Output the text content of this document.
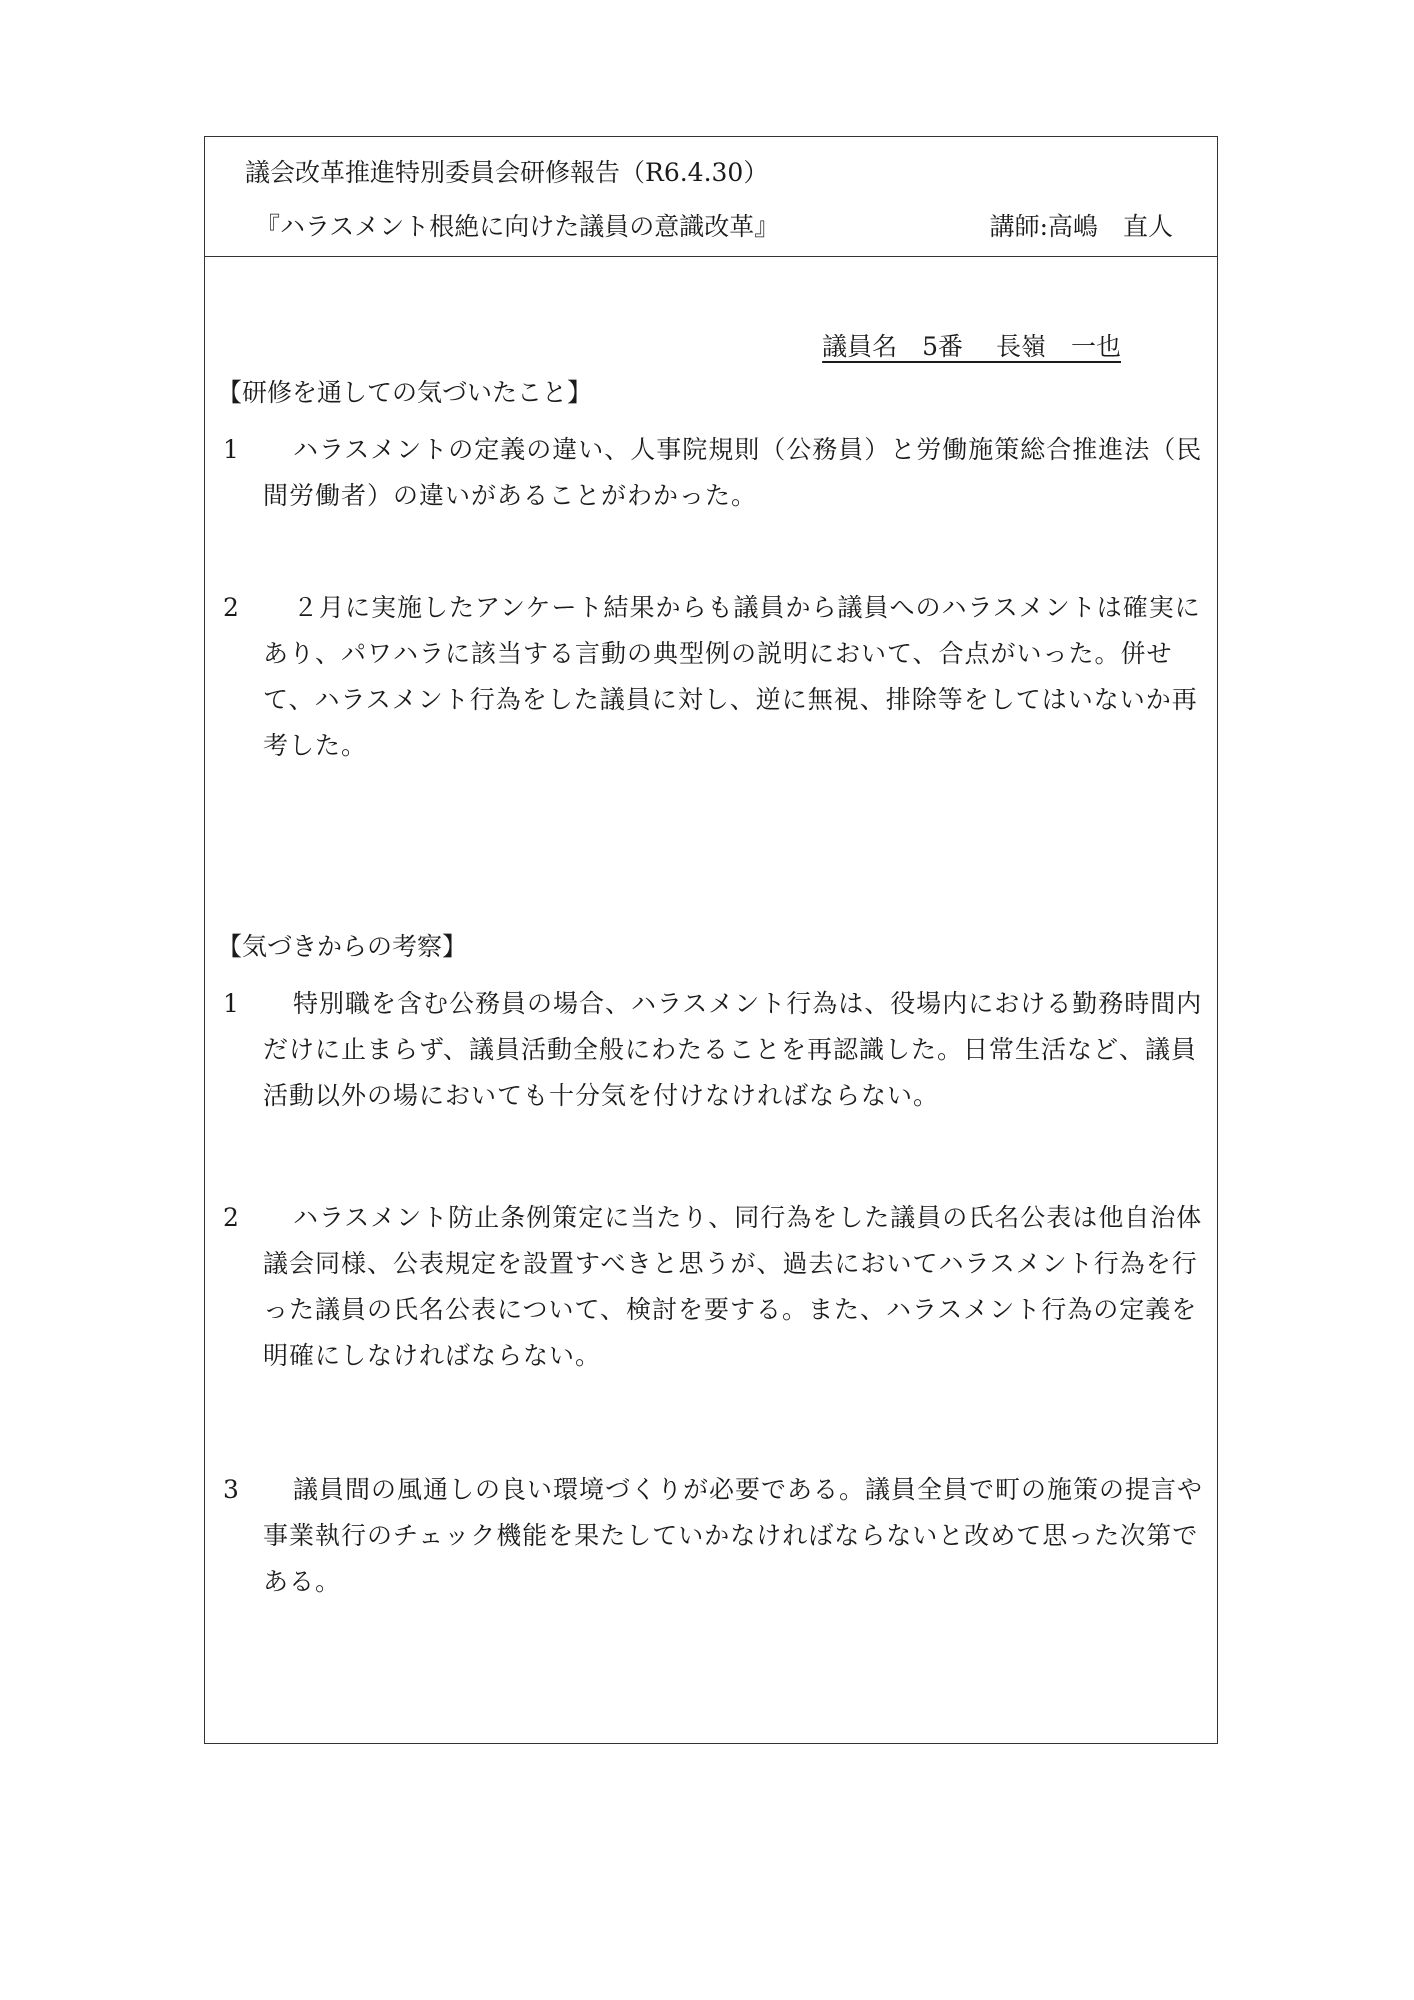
議会改革推進特別委員会研修報告（R6.4.30）
『ハラスメント根絶に向けた議員の意識改革』	講師:高嶋　直人
議員名　5番　 長嶺　一也
【研修を通しての気づいたこと】
1	ハラスメントの定義の違い、人事院規則（公務員）と労働施策総合推進法（民間労働者）の違いがあることがわかった。
2	２月に実施したアンケート結果からも議員から議員へのハラスメントは確実にあり、パワハラに該当する言動の典型例の説明において、合点がいった。併せて、ハラスメント行為をした議員に対し、逆に無視、排除等をしてはいないか再考した。
【気づきからの考察】
1	特別職を含む公務員の場合、ハラスメント行為は、役場内における勤務時間内だけに止まらず、議員活動全般にわたることを再認識した。日常生活など、議員活動以外の場においても十分気を付けなければならない。
2	ハラスメント防止条例策定に当たり、同行為をした議員の氏名公表は他自治体議会同様、公表規定を設置すべきと思うが、過去においてハラスメント行為を行った議員の氏名公表について、検討を要する。また、ハラスメント行為の定義を明確にしなければならない。
3	議員間の風通しの良い環境づくりが必要である。議員全員で町の施策の提言や事業執行のチェック機能を果たしていかなければならないと改めて思った次第である。
